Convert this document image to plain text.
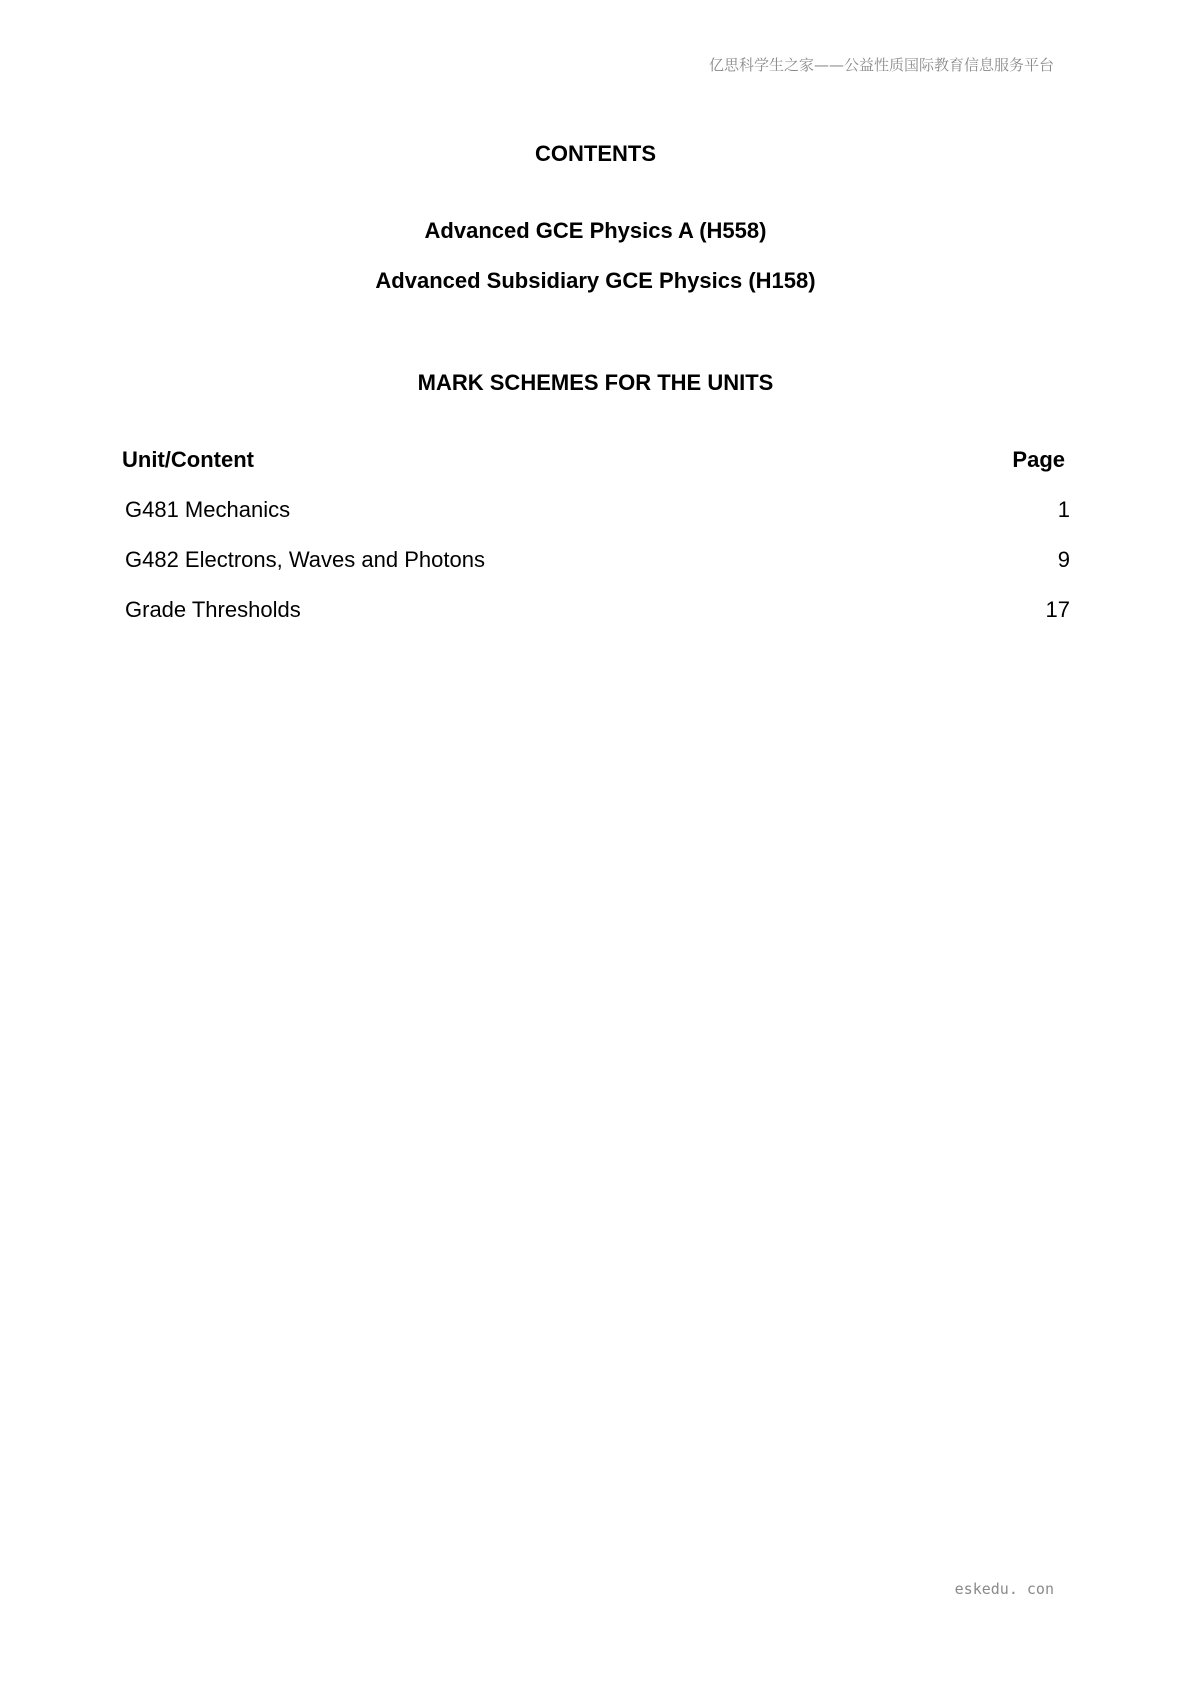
亿思科学生之家——公益性质国际教育信息服务平台
CONTENTS
Advanced GCE Physics A (H558)
Advanced Subsidiary GCE Physics (H158)
MARK SCHEMES FOR THE UNITS
Unit/Content	Page
G481 Mechanics	1
G482 Electrons, Waves and Photons	9
Grade Thresholds	17
eskedu. con
